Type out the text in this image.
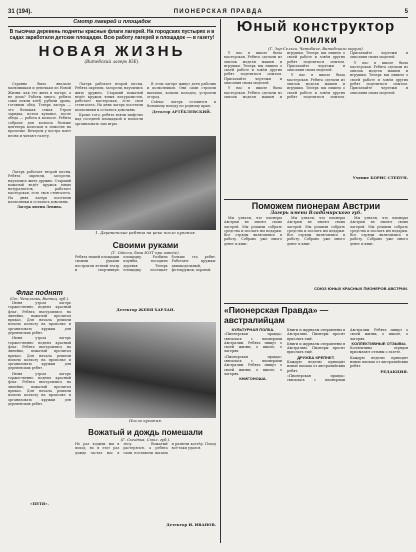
31 (194).	ПИОНЕРСКАЯ ПРАВДА	5
Смотр лагерей и площадок
В тысячах деревень подняты красные флаги лагерей. На городских пустырях и в садах заработали детские площадки. Всю работу лагерей и площадок — в газету!
НОВАЯ ЖИЗНЬ
(Витебский лагерь ЮЕ).

Странно было вначале мальчишкам и девочкам из Новой Жизни: как это жить в лагере, а не дома? Работы много, ребята сами пекли хлеб, рубили дрова, готовили обед. Теперь лагерь — это большая семья. Утром зарядка, потом купанье, после обеда — работа в колхозе. Ребята собрали для колхоза больше центнера колосков и помогли на прополке. Вечером у костра поют песни и читают газету.

Лагерь работает второй месяц. Ребята окрепли, загорели, научились жить дружно. Старший вожатый ведёт кружок юных натуралистов, работает мастерская, есть своя стенгазета. На днях лагерь посетили колхозники и остались довольны.

Кроме того, ребята взяли шефство над соседней площадкой и помогли организовать там игры.

В этом лагере живут дети рабочих и колхозников. Они сами строили шалаши, копали колодец, устроили огород.

Сейчас лагерь готовится к большому походу по родному краю.

Детктор АРТЁБЛЕВСКИЙ.
1. Деревенские ребята на реке после купания.

Лагерь работает второй месяц. Ребята окрепли, загорели, научились жить дружно. Старший вожатый ведёт кружок юных натуралистов, работает мастерская, есть своя стенгазета. На днях лагерь посетили колхозники и остались довольны.

Лагерь имени Ленина.
Своими руками
(Г. Одесса, база ЮЗТ при заводе).
Ребята нашей площадки своими руками построили летний театр и спортивную площадку. Разбили клумбы, посадили деревья. Теперь площадку посещает больше ста ребят. Работают кружки: авиамодельный, фотокружок, хоровой.
Детектор ЖЕНЯ ХАРЛАН.
Флаг поднят
(Ст. Чечельник, Винниц. губ.).

Июня утром лагерь торжественно поднял красный флаг. Ребята выстроились на линейке, вожатый прочитал приказ. Для начала решили помочь колхозу на прополке и организовать кружки для деревенских ребят.

Июня утром лагерь торжественно поднял красный флаг. Ребята выстроились на линейке, вожатый прочитал приказ. Для начала решили помочь колхозу на прополке и организовать кружки для деревенских ребят.

Июня утром лагерь торжественно поднял красный флаг. Ребята выстроились на линейке, вожатый прочитал приказ. Для начала решили помочь колхозу на прополке и организовать кружки для деревенских ребят.

«ПЕТЯ».
После купания.
Вожатый и дождь помешали
(Г. Сычёвка, Смол. губ.).
Не раз ходили мы в поход, но в этот раз дождь застал нас в лесу. Вожатый растерялся, а ребята сами поставили шалаш и развели костёр. Поход всё-таки удался.
Детектор И. ИВАНОВ.
Юный конструктор
Опилки
(Г. Зор-Сельсо, Чатобиче, Витебского округа).

У нас в школе была мастерская. Ребята сделали из опилок модели машин и игрушки. Теперь мы пишем о своей работе и зовём других ребят поделиться опытом. Присылайте чертежи и описания своих моделей.

У нас в школе была мастерская. Ребята сделали из опилок модели машин и игрушки. Теперь мы пишем о своей работе и зовём других ребят поделиться опытом. Присылайте чертежи и описания своих моделей.

У нас в школе была мастерская. Ребята сделали из опилок модели машин и игрушки. Теперь мы пишем о своей работе и зовём других ребят поделиться опытом. Присылайте чертежи и описания своих моделей.

У нас в школе была мастерская. Ребята сделали из опилок модели машин и игрушки. Теперь мы пишем о своей работе и зовём других ребят поделиться опытом. Присылайте чертежи и описания своих моделей.

Учение БОРИС СТЕПУН.
Поможем пионерам Австрии
Лагерь имени Владимирского губ.

Мы узнали, что пионеры Австрии не имеют своих лагерей. Мы решили собрать средства и послать им подарки. Все отряды включились в работу. Собрано уже много денег и книг.

Мы узнали, что пионеры Австрии не имеют своих лагерей. Мы решили собрать средства и послать им подарки. Все отряды включились в работу. Собрано уже много денег и книг.

Мы узнали, что пионеры Австрии не имеют своих лагерей. Мы решили собрать средства и послать им подарки. Все отряды включились в работу. Собрано уже много денег и книг.

СОЮЗ ЮНЫХ КРАСНЫХ ПИОНЕРОВ АВСТРИИ.
«Пионерская Правда» — австралийцам
КУЛЬТУРНАЯ ПОЛКА.

«Пионерская правда» связалась с пионерами Австралии. Ребята пишут о своей жизни, о школе, о лагерях.

«Пионерская правда» связалась с пионерами Австралии. Ребята пишут о своей жизни, о школе, о лагерях.

КНИГОНОША.

Книги и журналы отправлены в Австралию. Пионеры просят прислать ещё.

Книги и журналы отправлены в Австралию. Пионеры просят прислать ещё.

ДРУЖБА КРЕПНЕТ.

Каждую неделю приходят новые письма от австралийских ребят.

«Пионерская правда» связалась с пионерами Австралии. Ребята пишут о своей жизни, о школе, о лагерях.

КОЛЛЕКТИВНЫЕ ОТЗЫВЫ.

Коллективы отрядов присылают отзывы о газете.

Каждую неделю приходят новые письма от австралийских ребят.

РЕДАКЦИЯ.
